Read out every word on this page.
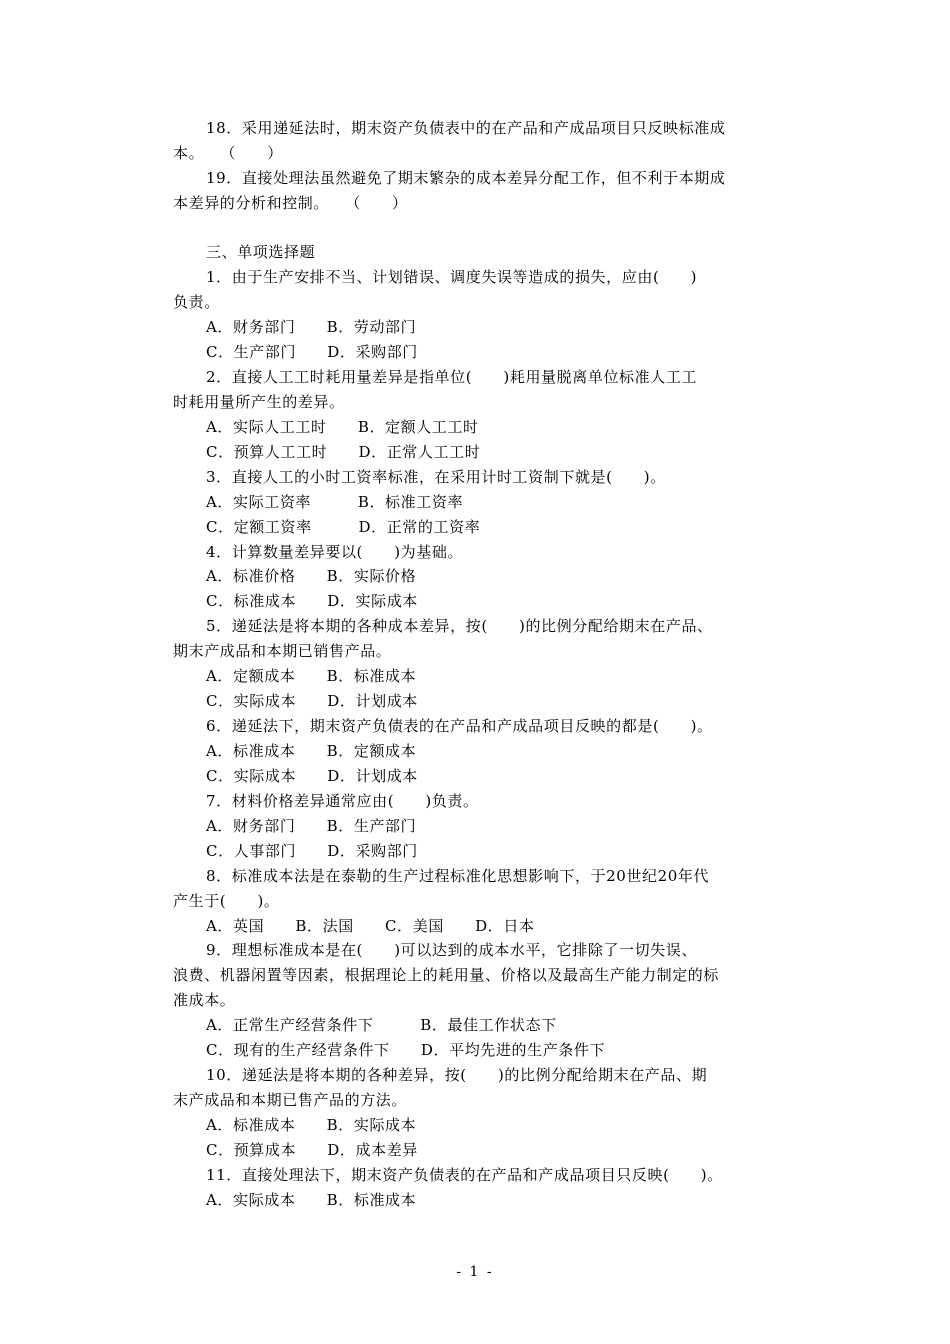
18．采用递延法时，期末资产负债表中的在产品和产成品项目只反映标准成
本。　　（　　）
19．直接处理法虽然避免了期末繁杂的成本差异分配工作，但不利于本期成
本差异的分析和控制。　　（　　）
三、单项选择题
1．由于生产安排不当、计划错误、调度失误等造成的损失，应由(　　)
负责。
A．财务部门　　B．劳动部门
C．生产部门　　D．采购部门
2．直接人工工时耗用量差异是指单位(　　)耗用量脱离单位标准人工工
时耗用量所产生的差异。
A．实际人工工时　　B．定额人工工时
C．预算人工工时　　D．正常人工工时
3．直接人工的小时工资率标准，在采用计时工资制下就是(　　)。
A．实际工资率　　　B．标准工资率
C．定额工资率　　　D．正常的工资率
4．计算数量差异要以(　　)为基础。
A．标准价格　　B．实际价格
C．标准成本　　D．实际成本
5．递延法是将本期的各种成本差异，按(　　)的比例分配给期末在产品、
期末产成品和本期已销售产品。
A．定额成本　　B．标准成本
C．实际成本　　D．计划成本
6．递延法下，期末资产负债表的在产品和产成品项目反映的都是(　　)。
A．标准成本　　B．定额成本
C．实际成本　　D．计划成本
7．材料价格差异通常应由(　　)负责。
A．财务部门　　B．生产部门
C．人事部门　　D．采购部门
8．标准成本法是在泰勒的生产过程标准化思想影响下，于20世纪20年代
产生于(　　)。
A．英国　　B．法国　　C．美国　　D．日本
9．理想标准成本是在(　　)可以达到的成本水平，它排除了一切失误、
浪费、机器闲置等因素，根据理论上的耗用量、价格以及最高生产能力制定的标
准成本。
A．正常生产经营条件下　　　B．最佳工作状态下
C．现有的生产经营条件下　　D．平均先进的生产条件下
10．递延法是将本期的各种差异，按(　　)的比例分配给期末在产品、期
末产成品和本期已售产品的方法。
A．标准成本　　B．实际成本
C．预算成本　　D．成本差异
11．直接处理法下，期末资产负债表的在产品和产成品项目只反映(　　)。
A．实际成本　　B．标准成本
- 1 -
